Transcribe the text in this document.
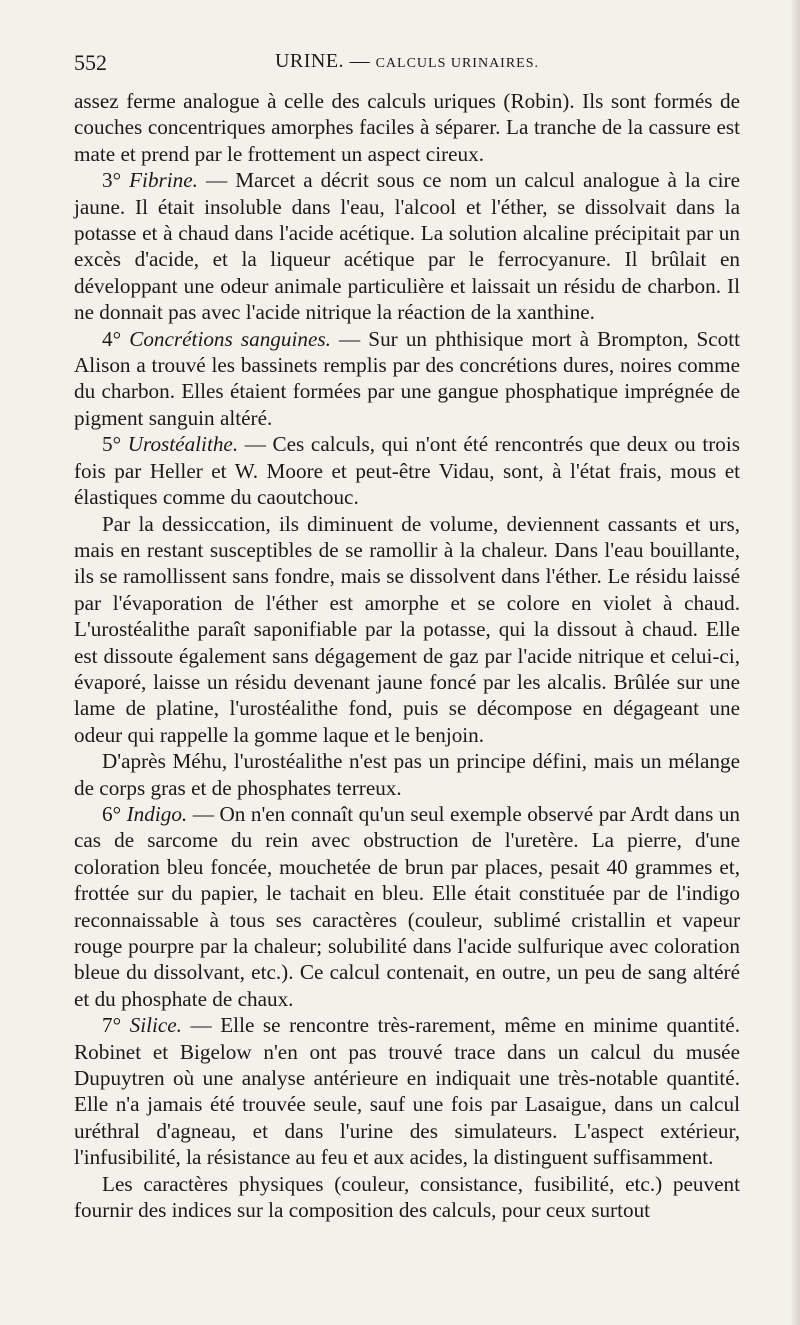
552	URINE. — CALCULS URINAIRES.

assez ferme analogue à celle des calculs uriques (Robin). Ils sont formés de couches concentriques amorphes faciles à séparer. La tranche de la cassure est mate et prend par le frottement un aspect cireux.

3° Fibrine. — Marcet a décrit sous ce nom un calcul analogue à la cire jaune. Il était insoluble dans l'eau, l'alcool et l'éther, se dissolvait dans la potasse et à chaud dans l'acide acétique. La solution alcaline précipitait par un excès d'acide, et la liqueur acétique par le ferrocyanure. Il brûlait en développant une odeur animale particulière et laissait un résidu de charbon. Il ne donnait pas avec l'acide nitrique la réaction de la xanthine.

4° Concrétions sanguines. — Sur un phthisique mort à Brompton, Scott Alison a trouvé les bassinets remplis par des concrétions dures, noires comme du charbon. Elles étaient formées par une gangue phosphatique imprégnée de pigment sanguin altéré.

5° Urostéalithe. — Ces calculs, qui n'ont été rencontrés que deux ou trois fois par Heller et W. Moore et peut-être Vidau, sont, à l'état frais, mous et élastiques comme du caoutchouc.

Par la dessiccation, ils diminuent de volume, deviennent cassants et urs, mais en restant susceptibles de se ramollir à la chaleur. Dans l'eau bouillante, ils se ramollissent sans fondre, mais se dissolvent dans l'éther. Le résidu laissé par l'évaporation de l'éther est amorphe et se colore en violet à chaud. L'urostéalithe paraît saponifiable par la potasse, qui la dissout à chaud. Elle est dissoute également sans dégagement de gaz par l'acide nitrique et celui-ci, évaporé, laisse un résidu devenant jaune foncé par les alcalis. Brûlée sur une lame de platine, l'urostéalithe fond, puis se décompose en dégageant une odeur qui rappelle la gomme laque et le benjoin.

D'après Méhu, l'urostéalithe n'est pas un principe défini, mais un mélange de corps gras et de phosphates terreux.

6° Indigo. — On n'en connaît qu'un seul exemple observé par Ardt dans un cas de sarcome du rein avec obstruction de l'uretère. La pierre, d'une coloration bleu foncée, mouchetée de brun par places, pesait 40 grammes et, frottée sur du papier, le tachait en bleu. Elle était constituée par de l'indigo reconnaissable à tous ses caractères (couleur, sublimé cristallin et vapeur rouge pourpre par la chaleur; solubilité dans l'acide sulfurique avec coloration bleue du dissolvant, etc.). Ce calcul contenait, en outre, un peu de sang altéré et du phosphate de chaux.

7° Silice. — Elle se rencontre très-rarement, même en minime quantité. Robinet et Bigelow n'en ont pas trouvé trace dans un calcul du musée Dupuytren où une analyse antérieure en indiquait une très-notable quantité. Elle n'a jamais été trouvée seule, sauf une fois par Lasaigue, dans un calcul uréthral d'agneau, et dans l'urine des simulateurs. L'aspect extérieur, l'infusibilité, la résistance au feu et aux acides, la distinguent suffisamment.

Les caractères physiques (couleur, consistance, fusibilité, etc.) peuvent fournir des indices sur la composition des calculs, pour ceux surtout
